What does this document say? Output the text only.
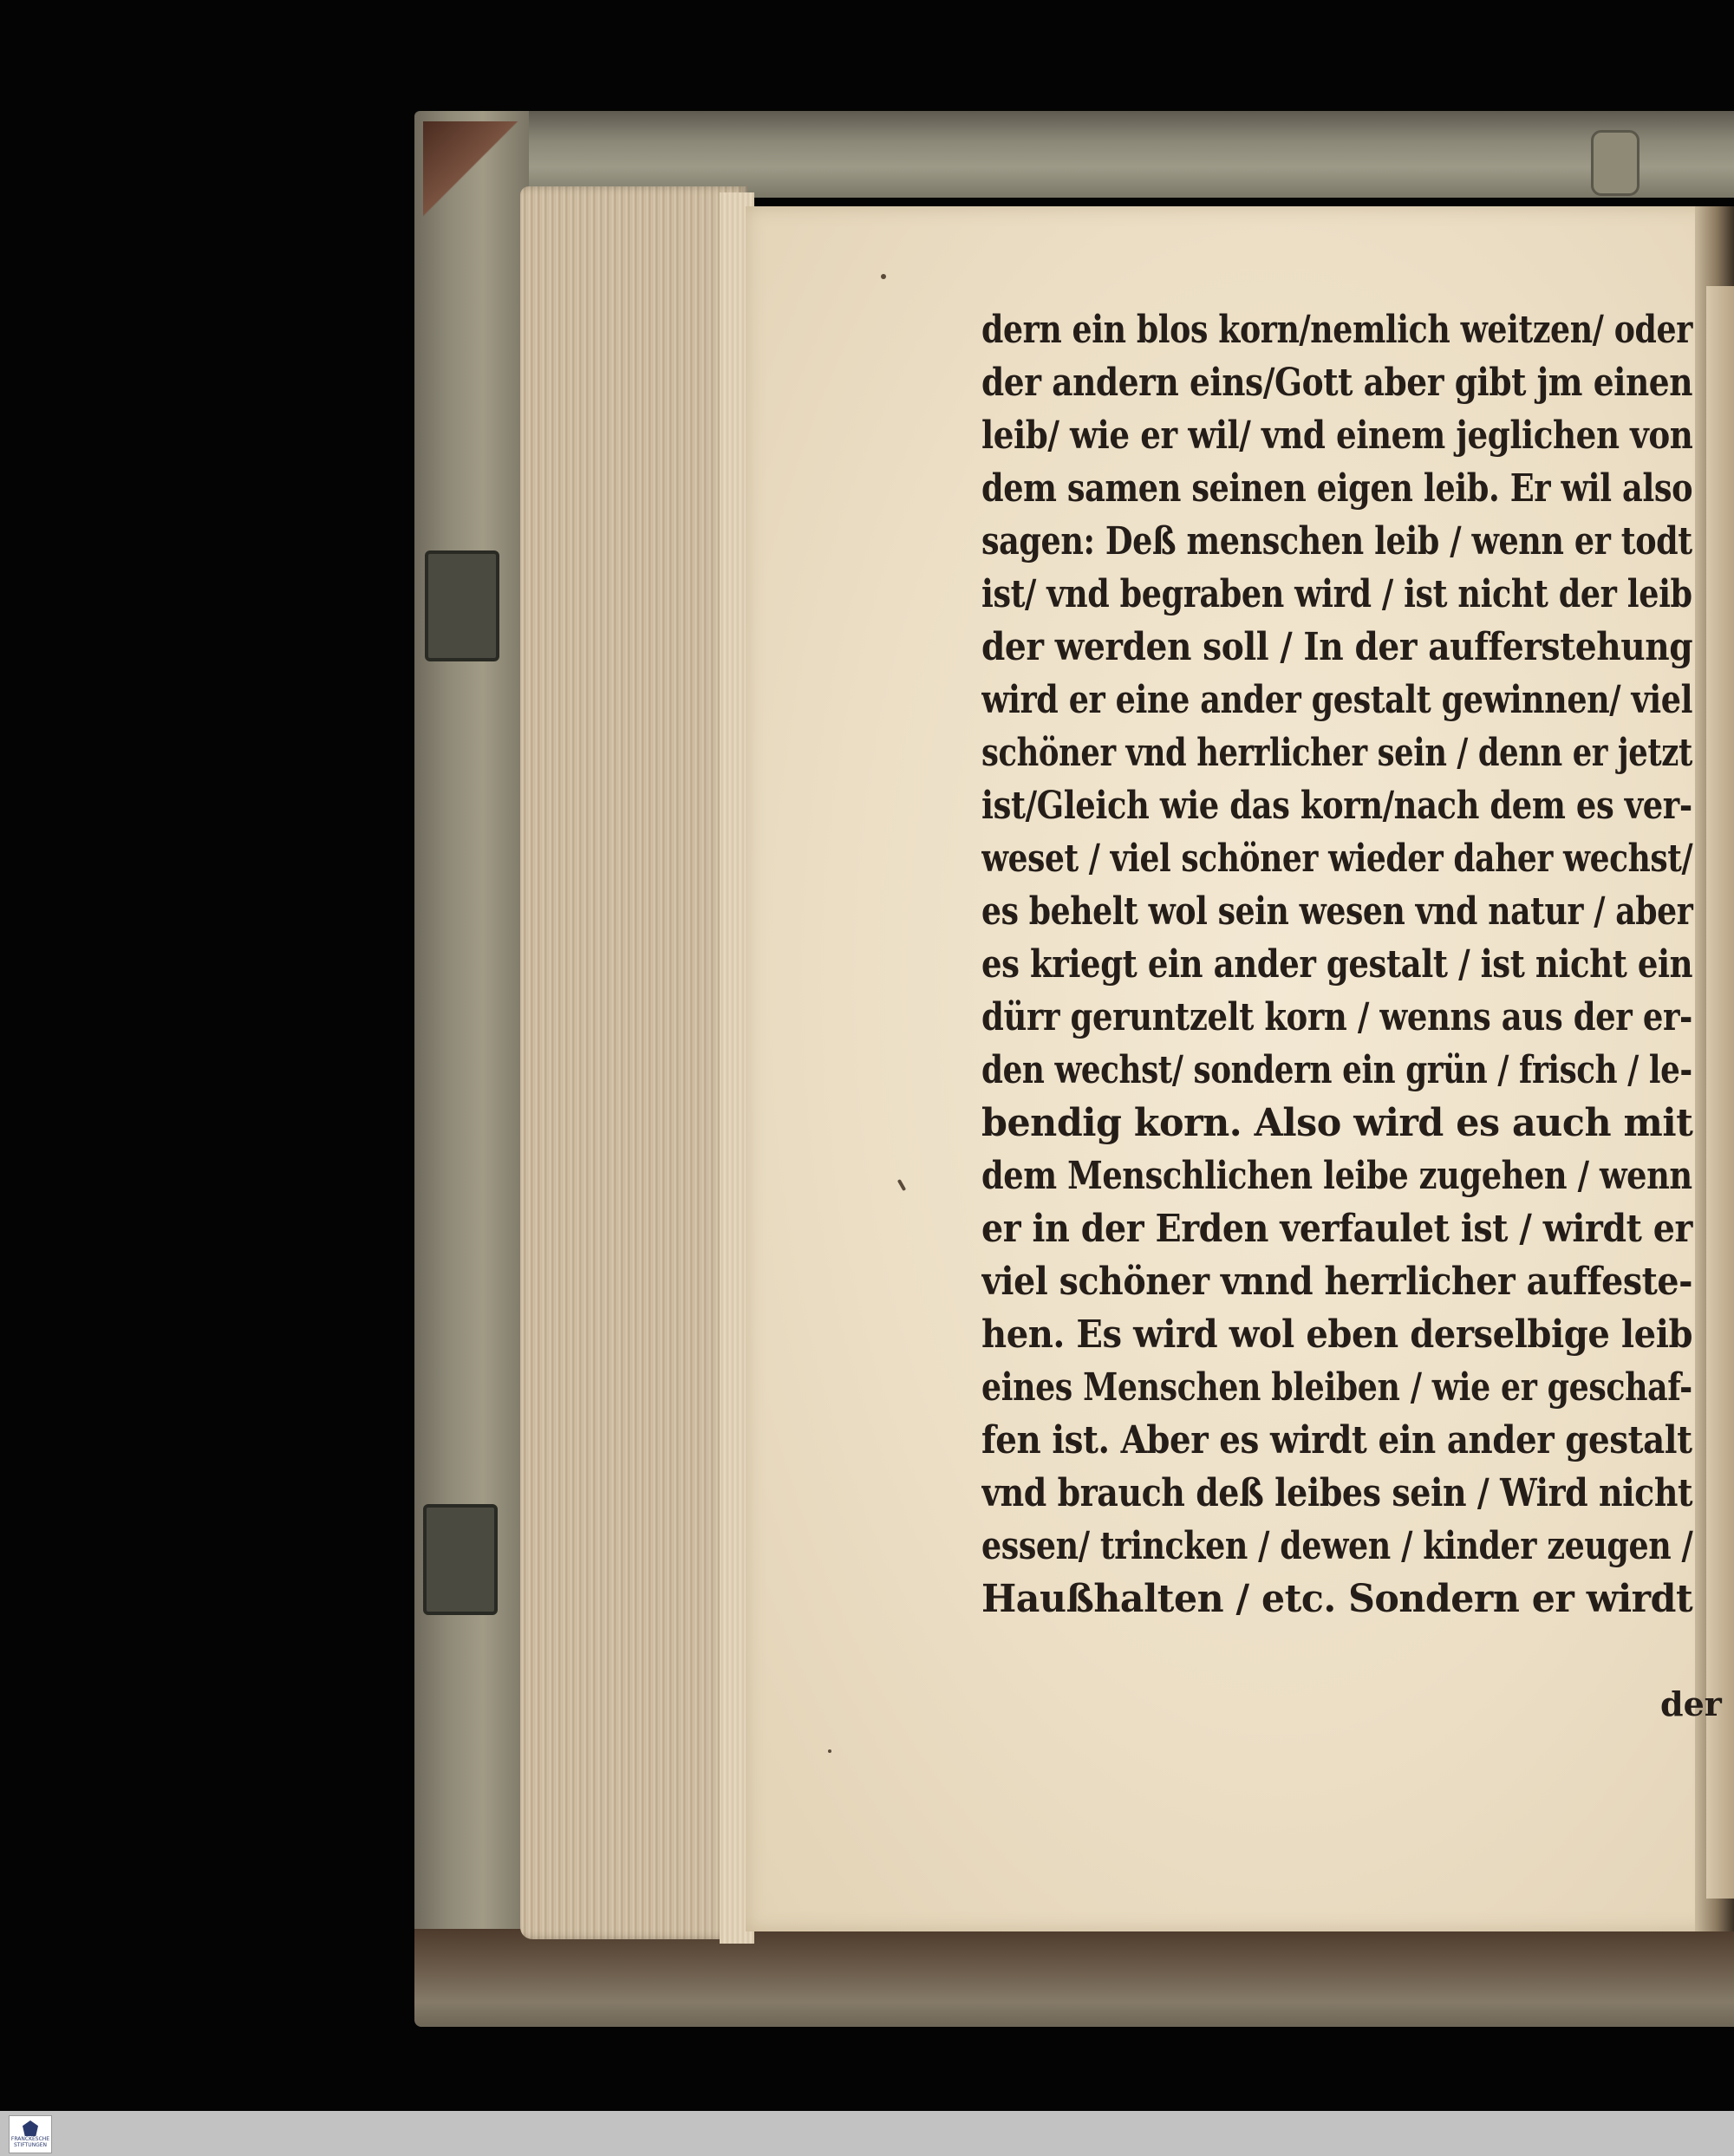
dern ein blos korn/nemlich weitzen/ oder
der andern eins/Gott aber gibt jm einen
leib/ wie er wil/ vnd einem jeglichen von
dem samen seinen eigen leib. Er wil also
sagen: Deß menschen leib / wenn er todt
ist/ vnd begraben wird / ist nicht der leib
der werden soll / In der aufferstehung
wird er eine ander gestalt gewinnen/ viel
schöner vnd herrlicher sein / denn er jetzt
ist/Gleich wie das korn/nach dem es ver-
weset / viel schöner wieder daher wechst/
es behelt wol sein wesen vnd natur / aber
es kriegt ein ander gestalt / ist nicht ein
dürr geruntzelt korn / wenns aus der er-
den wechst/ sondern ein grün / frisch / le-
bendig korn. Also wird es auch mit
dem Menschlichen leibe zugehen / wenn
er in der Erden verfaulet ist / wirdt er
viel schöner vnnd herrlicher auffeste-
hen. Es wird wol eben derselbige leib
eines Menschen bleiben / wie er geschaf-
fen ist. Aber es wirdt ein ander gestalt
vnd brauch deß leibes sein / Wird nicht
essen/ trincken / dewen / kinder zeugen /
Haußhalten / etc. Sondern er wirdt
der
FRANCKESCHE STIFTUNGEN
